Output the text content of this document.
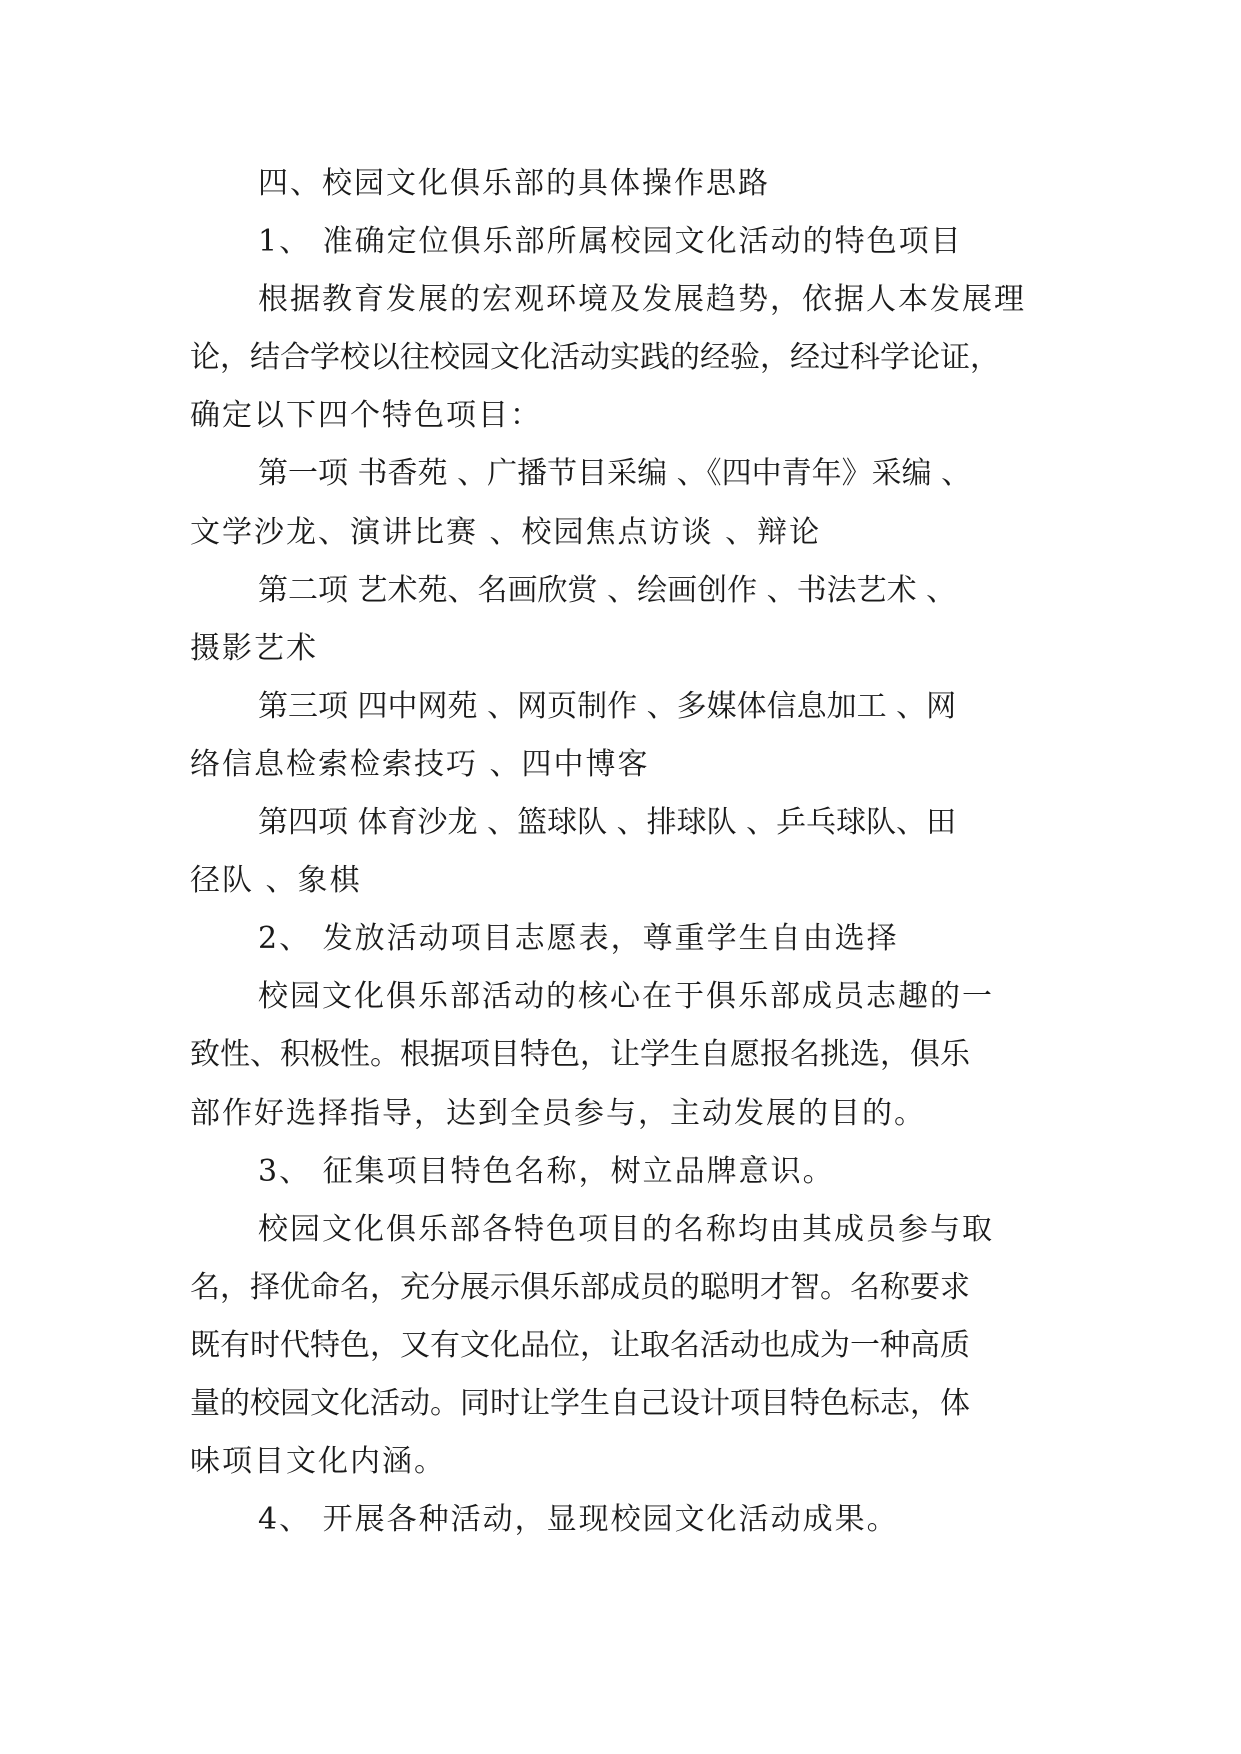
四、校园文化俱乐部的具体操作思路
1、 准确定位俱乐部所属校园文化活动的特色项目
根据教育发展的宏观环境及发展趋势，依据人本发展理
论，结合学校以往校园文化活动实践的经验，经过科学论证，
确定以下四个特色项目：
第一项 书香苑 、广播节目采编 、《四中青年》采编 、
文学沙龙、演讲比赛 、校园焦点访谈 、辩论
第二项 艺术苑、名画欣赏 、绘画创作 、书法艺术 、
摄影艺术
第三项 四中网苑 、网页制作 、多媒体信息加工 、网
络信息检索检索技巧 、四中博客
第四项 体育沙龙 、篮球队 、排球队 、乒乓球队、田
径队 、象棋
2、 发放活动项目志愿表，尊重学生自由选择
校园文化俱乐部活动的核心在于俱乐部成员志趣的一
致性、积极性。根据项目特色，让学生自愿报名挑选，俱乐
部作好选择指导，达到全员参与，主动发展的目的。
3、 征集项目特色名称，树立品牌意识。
校园文化俱乐部各特色项目的名称均由其成员参与取
名，择优命名，充分展示俱乐部成员的聪明才智。名称要求
既有时代特色，又有文化品位，让取名活动也成为一种高质
量的校园文化活动。同时让学生自己设计项目特色标志，体
味项目文化内涵。
4、 开展各种活动，显现校园文化活动成果。
